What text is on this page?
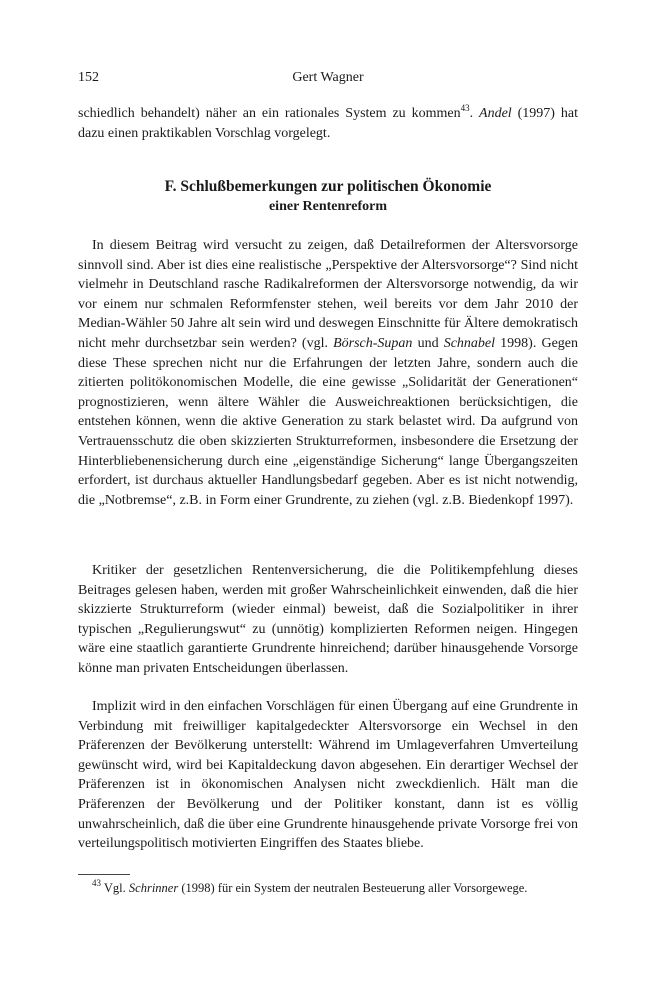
152	Gert Wagner

schiedlich behandelt) näher an ein rationales System zu kommen$^{43}$. Andel (1997) hat dazu einen praktikablen Vorschlag vorgelegt.

F. Schlußbemerkungen zur politischen Ökonomie
einer Rentenreform

In diesem Beitrag wird versucht zu zeigen, daß Detailreformen der Altersvorsorge sinnvoll sind. Aber ist dies eine realistische „Perspektive der Altersvorsorge“? Sind nicht vielmehr in Deutschland rasche Radikalreformen der Altersvorsorge notwendig, da wir vor einem nur schmalen Reformfenster stehen, weil bereits vor dem Jahr 2010 der Median-Wähler 50 Jahre alt sein wird und deswegen Einschnitte für Ältere demokratisch nicht mehr durchsetzbar sein werden? (vgl. Börsch-Supan und Schnabel 1998). Gegen diese These sprechen nicht nur die Erfahrungen der letzten Jahre, sondern auch die zitierten politökonomischen Modelle, die eine gewisse „Solidarität der Generationen“ prognostizieren, wenn ältere Wähler die Ausweichreaktionen berücksichtigen, die entstehen können, wenn die aktive Generation zu stark belastet wird. Da aufgrund von Vertrauensschutz die oben skizzierten Strukturreformen, insbesondere die Ersetzung der Hinterbliebenensicherung durch eine „eigenständige Sicherung“ lange Übergangszeiten erfordert, ist durchaus aktueller Handlungsbedarf gegeben. Aber es ist nicht notwendig, die „Notbremse“, z.B. in Form einer Grundrente, zu ziehen (vgl. z.B. Biedenkopf 1997).

Kritiker der gesetzlichen Rentenversicherung, die die Politikempfehlung dieses Beitrages gelesen haben, werden mit großer Wahrscheinlichkeit einwenden, daß die hier skizzierte Strukturreform (wieder einmal) beweist, daß die Sozialpolitiker in ihrer typischen „Regulierungswut“ zu (unnötig) komplizierten Reformen neigen. Hingegen wäre eine staatlich garantierte Grundrente hinreichend; darüber hinausgehende Vorsorge könne man privaten Entscheidungen überlassen.

Implizit wird in den einfachen Vorschlägen für einen Übergang auf eine Grundrente in Verbindung mit freiwilliger kapitalgedeckter Altersvorsorge ein Wechsel in den Präferenzen der Bevölkerung unterstellt: Während im Umlageverfahren Umverteilung gewünscht wird, wird bei Kapitaldeckung davon abgesehen. Ein derartiger Wechsel der Präferenzen ist in ökonomischen Analysen nicht zweckdienlich. Hält man die Präferenzen der Bevölkerung und der Politiker konstant, dann ist es völlig unwahrscheinlich, daß die über eine Grundrente hinausgehende private Vorsorge frei von verteilungspolitisch motivierten Eingriffen des Staates bliebe.

$^{43}$ Vgl. Schrinner (1998) für ein System der neutralen Besteuerung aller Vorsorgewege.
